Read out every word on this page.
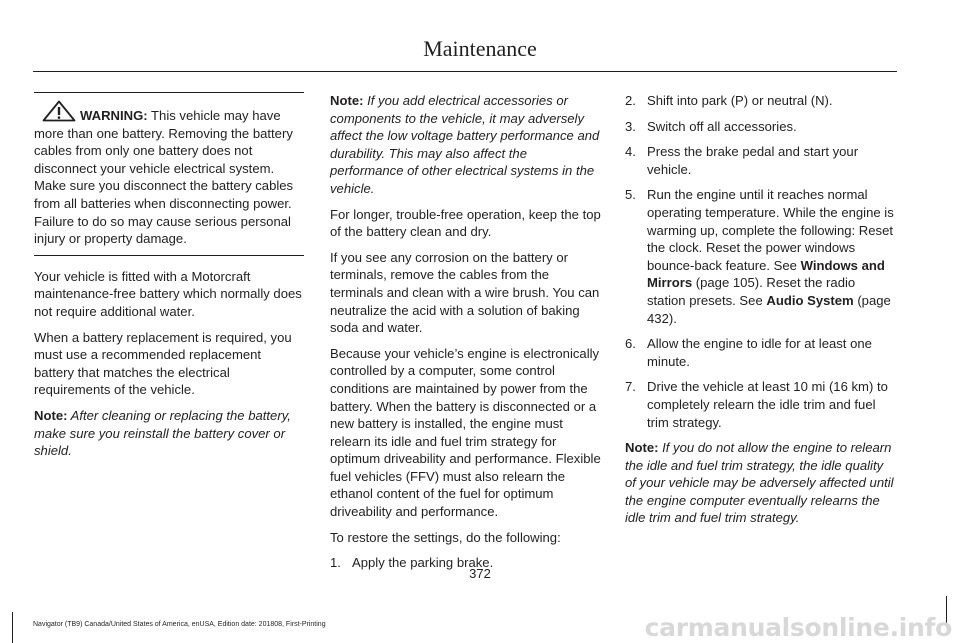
Maintenance

WARNING: This vehicle may have more than one battery. Removing the battery cables from only one battery does not disconnect your vehicle electrical system. Make sure you disconnect the battery cables from all batteries when disconnecting power. Failure to do so may cause serious personal injury or property damage.

Your vehicle is fitted with a Motorcraft maintenance-free battery which normally does not require additional water.

When a battery replacement is required, you must use a recommended replacement battery that matches the electrical requirements of the vehicle.

Note: After cleaning or replacing the battery, make sure you reinstall the battery cover or shield.

Note: If you add electrical accessories or components to the vehicle, it may adversely affect the low voltage battery performance and durability. This may also affect the performance of other electrical systems in the vehicle.

For longer, trouble-free operation, keep the top of the battery clean and dry.

If you see any corrosion on the battery or terminals, remove the cables from the terminals and clean with a wire brush. You can neutralize the acid with a solution of baking soda and water.

Because your vehicle’s engine is electronically controlled by a computer, some control conditions are maintained by power from the battery. When the battery is disconnected or a new battery is installed, the engine must relearn its idle and fuel trim strategy for optimum driveability and performance. Flexible fuel vehicles (FFV) must also relearn the ethanol content of the fuel for optimum driveability and performance.

To restore the settings, do the following:

1. Apply the parking brake.
2. Shift into park (P) or neutral (N).
3. Switch off all accessories.
4. Press the brake pedal and start your vehicle.
5. Run the engine until it reaches normal operating temperature. While the engine is warming up, complete the following: Reset the clock. Reset the power windows bounce-back feature. See Windows and Mirrors (page 105). Reset the radio station presets. See Audio System (page 432).
6. Allow the engine to idle for at least one minute.
7. Drive the vehicle at least 10 mi (16 km) to completely relearn the idle trim and fuel trim strategy.

Note: If you do not allow the engine to relearn the idle and fuel trim strategy, the idle quality of your vehicle may be adversely affected until the engine computer eventually relearns the idle trim and fuel trim strategy.

372
Navigator (TB9) Canada/United States of America, enUSA, Edition date: 201808, First-Printing	carmanualsonline.info
